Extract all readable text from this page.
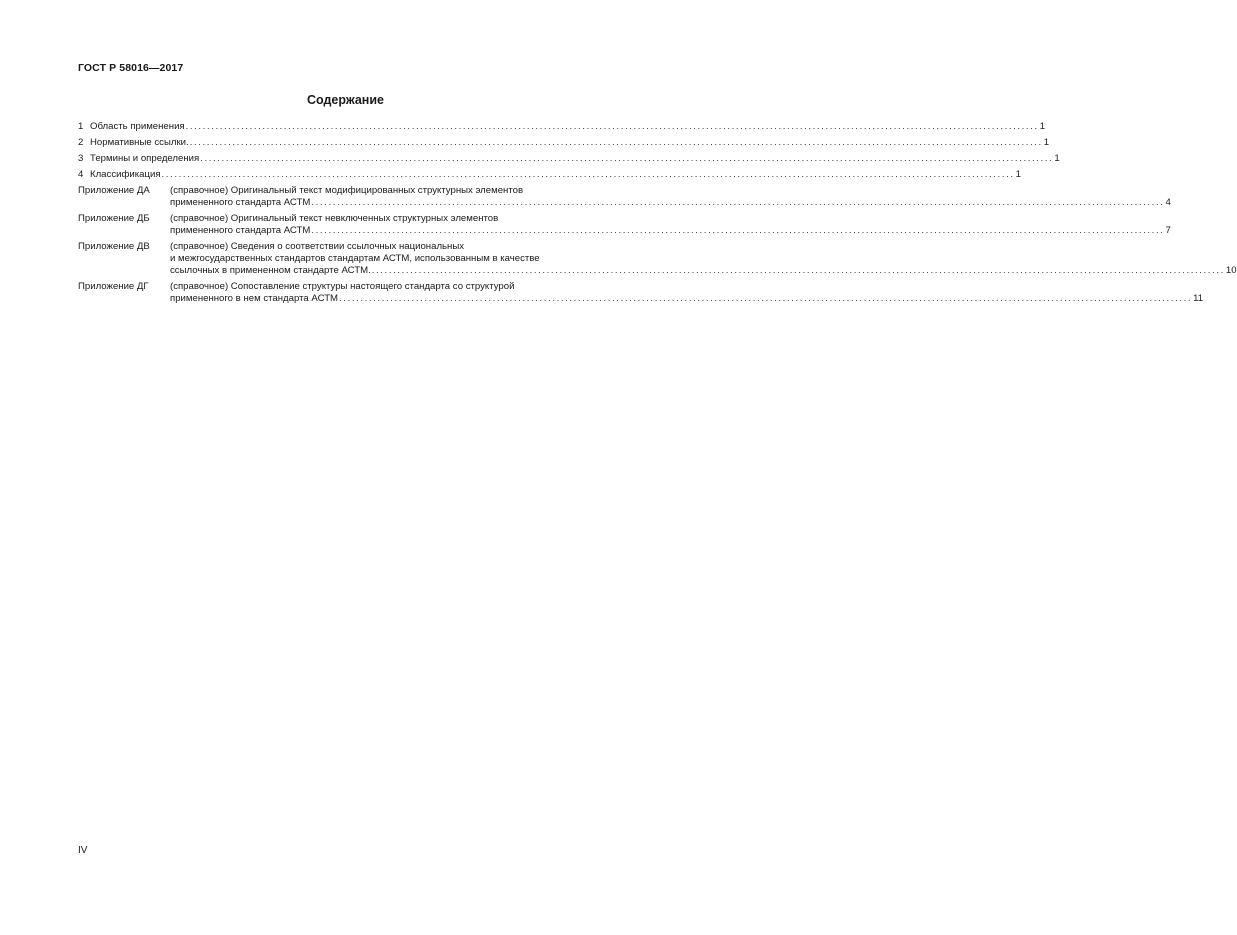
ГОСТ Р 58016—2017
Содержание
1 Область применения ........................................................................................................................................................................................................ 1
2 Нормативные ссылки. ........................................................................................................................................................................................................ 1
3 Термины и определения ........................................................................................................................................................................................................ 1
4 Классификация ........................................................................................................................................................................................................ 1
Приложение ДА	(справочное) Оригинальный текст модифицированных структурных элементов
примененного стандарта АСТМ ........................................................................................................................................................................................................ 4
Приложение ДБ	(справочное) Оригинальный текст невключенных структурных элементов
примененного стандарта АСТМ ........................................................................................................................................................................................................ 7
Приложение ДВ	(справочное) Сведения о соответствии ссылочных национальных
и межгосударственных стандартов стандартам АСТМ, использованным в качестве
ссылочных в примененном стандарте АСТМ. ........................................................................................................................................................................................................ 10
Приложение ДГ	(справочное) Сопоставление структуры настоящего стандарта со структурой
примененного в нем стандарта АСТМ ........................................................................................................................................................................................................ 11
IV
